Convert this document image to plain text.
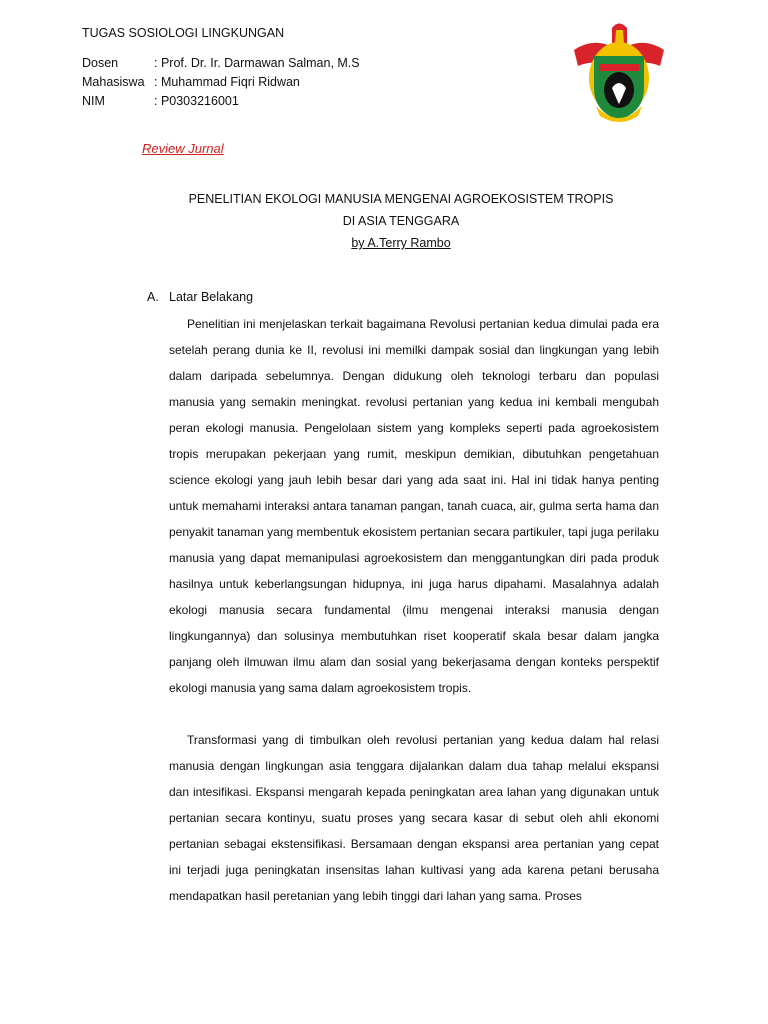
TUGAS SOSIOLOGI LINGKUNGAN
Dosen	: Prof. Dr. Ir. Darmawan Salman, M.S
Mahasiswa : Muhammad Fiqri Ridwan
NIM	: P0303216001
Review Jurnal
PENELITIAN EKOLOGI MANUSIA MENGENAI AGROEKOSISTEM TROPIS
DI ASIA TENGGARA
by A.Terry Rambo
A. Latar Belakang

Penelitian ini menjelaskan terkait bagaimana Revolusi pertanian kedua dimulai pada era setelah perang dunia ke II, revolusi ini memilki dampak sosial dan lingkungan yang lebih dalam daripada sebelumnya. Dengan didukung oleh teknologi terbaru dan populasi manusia yang semakin meningkat. revolusi pertanian yang kedua ini kembali mengubah peran ekologi manusia. Pengelolaan sistem yang kompleks seperti pada agroekosistem tropis merupakan pekerjaan yang rumit, meskipun demikian, dibutuhkan pengetahuan science ekologi yang jauh lebih besar dari yang ada saat ini. Hal ini tidak hanya penting untuk memahami interaksi antara tanaman pangan, tanah cuaca, air, gulma serta hama dan penyakit tanaman yang membentuk ekosistem pertanian secara partikuler, tapi juga perilaku manusia yang dapat memanipulasi agroekosistem dan menggantungkan diri pada produk hasilnya untuk keberlangsungan hidupnya, ini juga harus dipahami. Masalahnya adalah ekologi manusia secara fundamental (ilmu mengenai interaksi manusia dengan lingkungannya) dan solusinya membutuhkan riset kooperatif skala besar dalam jangka panjang oleh ilmuwan ilmu alam dan sosial yang bekerjasama dengan konteks perspektif ekologi manusia yang sama dalam agroekosistem tropis.

Transformasi yang di timbulkan oleh revolusi pertanian yang kedua dalam hal relasi manusia dengan lingkungan asia tenggara dijalankan dalam dua tahap melalui ekspansi dan intesifikasi. Ekspansi mengarah kepada peningkatan area lahan yang digunakan untuk pertanian secara kontinyu, suatu proses yang secara kasar di sebut oleh ahli ekonomi pertanian sebagai ekstensifikasi. Bersamaan dengan ekspansi area pertanian yang cepat ini terjadi juga peningkatan insensitas lahan kultivasi yang ada karena petani berusaha mendapatkan hasil peretanian yang lebih tinggi dari lahan yang sama. Proses
